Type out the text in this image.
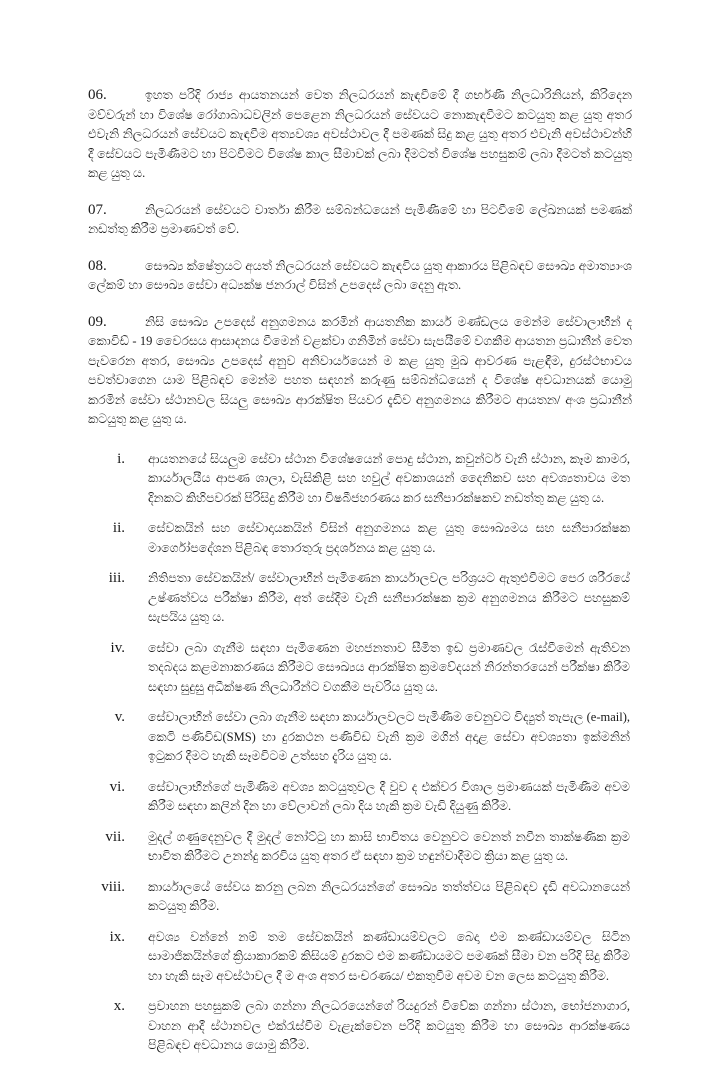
06.	ඉහත පරිදි රාජ්‍ය ආයතනයන් වෙත නිලධරයන් කැඳවීමේ දී ගර්භණී නිලධාරිනියන්, කිරිදෙන මව්වරුන් හා විශේෂ රෝගාබාධවලින් පෙළෙන නිලධරයන් සේවයට නොකැඳවීමට කටයුතු කළ යුතු අතර එවැනි නිලධරයන් සේවයට කැඳවීම අත්‍යවශ්‍ය අවස්ථාවල දී පමණක් සිදු කළ යුතු අතර එවැනි අවස්ථාවන්හි දී සේවයට පැමිණීමට හා පිටවීමට විශේෂ කාල සීමාවක් ලබා දීමටත් විශේෂ පහසුකම් ලබා දීමටත් කටයුතු කළ යුතු ය.

07.	නිලධරයන් සේවයට වාර්තා කිරීම සම්බන්ධයෙන් පැමිණීමේ හා පිටවීමේ ලේඛනයක් පමණක් නඩත්තු කිරීම ප්‍රමාණවත් වේ.

08.	සෞඛ්‍ය ක්ෂේත්‍රයට අයත් නිලධරයන් සේවයට කැඳවිය යුතු ආකාරය පිළිබඳව සෞඛ්‍ය අමාත්‍යාංශ ලේකම් හා සෞඛ්‍ය සේවා අධ්‍යක්ෂ ජනරාල් විසින් උපදෙස් ලබා දෙනු ඇත.

09.	නිසි සෞඛ්‍ය උපදෙස් අනුගමනය කරමින් ආයතනික කාර්ය මණ්ඩලය මෙන්ම සේවාලාභීන් ද කොවිඩ් - 19 වෛරසය ආසාදනය වීමෙන් වළක්වා ගනිමින් සේවා සැපයීමේ වගකීම ආයතන ප්‍රධානීන් වෙත පැවරෙන අතර, සෞඛ්‍ය උපදෙස් අනුව අනිවාර්යයෙන් ම කළ යුතු මුඛ ආවරණ පැළඳීම, දුරස්ථභාවය පවත්වාගෙන යාම පිළිබඳව මෙන්ම පහත සඳහන් කරුණු සම්බන්ධයෙන් ද විශේෂ අවධානයක් යොමු කරමින් සේවා ස්ථානවල සියලු සෞඛ්‍ය ආරක්ෂිත පියවර දැඩිව අනුගමනය කිරීමට ආයතන/ අංශ ප්‍රධානීන් කටයුතු කළ යුතු ය.

i. ආයතනයේ සියලුම සේවා ස්ථාන විශේෂයෙන් පොදු ස්ථාන, කවුන්ටර් වැනි ස්ථාන, කෑම කාමර, කාර්යාලයීය ආපණ ශාලා, වැසිකිළි සහ හවුල් අවකාශයන් දෛනිකව සහ අවශ්‍යතාවය මත දිනකට කිහිපවරක් පිරිසිදු කිරීම හා විෂබීජහරණය කර සනීපාරක්ෂකව නඩත්තු කළ යුතු ය.
ii. සේවකයින් සහ සේවාදායකයින් විසින් අනුගමනය කළ යුතු සෞඛ්‍යමය සහ සනීපාරක්ෂක මාර්ගෝපදේශන පිළිබඳ තොරතුරු ප්‍රදර්ශනය කළ යුතු ය.
iii. නිතිපතා සේවකයින්/ සේවාලාභීන් පැමිණෙන කාර්යාලවල පරිශ්‍රයට ඇතුළුවීමට පෙර ශරීරයේ උෂ්ණත්වය පරීක්ෂා කිරීම, අත් සේදීම වැනි සනීපාරක්ෂක ක්‍රම අනුගමනය කිරීමට පහසුකම් සැපයිය යුතු ය.
iv. සේවා ලබා ගැනීම සඳහා පැමිණෙන මහජනතාව සීමිත ඉඩ ප්‍රමාණවල රැස්වීමෙන් ඇතිවන තදබදය කළමනාකරණය කිරීමට සෞඛ්‍යය ආරක්ෂිත ක්‍රමවේදයන් නිරන්තරයෙන් පරීක්ෂා කිරීම සඳහා සුදුසු අධීක්ෂණ නිලධාරීන්ට වගකීම පැවරිය යුතු ය.
v. සේවාලාභීන් සේවා ලබා ගැනීම සඳහා කාර්යාලවලට පැමිණීම වෙනුවට විද්‍යුත් තැපැල (e-mail), කෙටි පණිවිඩ(SMS) හා දුරකථන පණිවිඩ වැනි ක්‍රම මගින් අදාළ සේවා අවශ්‍යතා ඉක්මනින් ඉටුකර දීමට හැකි සෑමවිටම උත්සහ දැරිය යුතු ය.
vi. සේවාලාභීන්ගේ පැමිණීම අවශ්‍ය කටයුතුවල දී වුව ද එක්වර විශාල ප්‍රමාණයක් පැමිණීම අවම කිරීම සඳහා කලින් දින හා වේලාවන් ලබා දිය හැකි ක්‍රම වැඩි දියුණු කිරීම.
vii. මුදල් ගණුදෙනුවල දී මුදල් නෝට්ටු හා කාසි භාවිතය වෙනුවට වෙනත් නවීන තාක්ෂණික ක්‍රම භාවිත කිරීමට උනන්දු කරවිය යුතු අතර ඒ සඳහා ක්‍රම හඳුන්වාදීමට ක්‍රියා කළ යුතු ය.
viii. කාර්යාලයේ සේවය කරනු ලබන නිලධරයන්ගේ සෞඛ්‍ය තත්ත්වය පිළිබඳව දැඩි අවධානයෙන් කටයුතු කිරීම.
ix. අවශ්‍ය වන්නේ නම් තම සේවකයින් කණ්ඩායම්වලට බෙදා එම කණ්ඩායම්වල සිටින සාමාජිකයින්ගේ ක්‍රියාකාරකම් කිසියම් දුරකට එම කණ්ඩායමට පමණක් සීමා වන පරිදි සිදු කිරීම හා හැකි සෑම අවස්ථාවල දී ම අංශ අතර සංචරණය/ එකතුවීම අවම වන ලෙස කටයුතු කිරීම.
x. ප්‍රවාහන පහසුකම් ලබා ගන්නා නිලධරයෙන්ගේ රියදුරන් විවේක ගන්නා ස්ථාන, භෝජනාගාර, වාහන ආදී ස්ථානවල එක්රැස්වීම වැළැක්වෙන පරිදි කටයුතු කිරීම හා සෞඛ්‍ය ආරක්ෂණය පිළිබඳව අවධානය යොමු කිරීම.
